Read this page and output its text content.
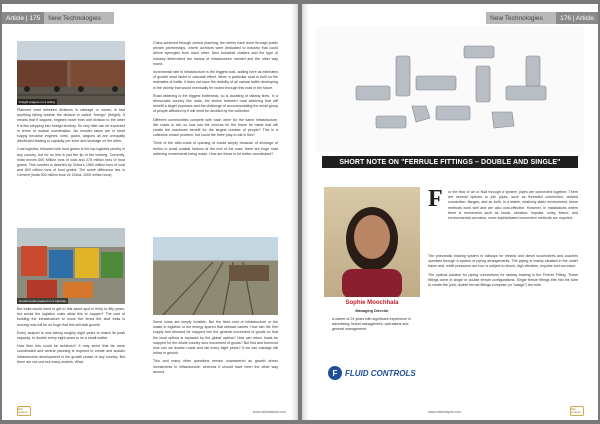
Article | 175	New Technologies
Freight wagons on a siding

Planners exist between divisions in railways or zones, in fact anything falling outside the division is called "foreign" (freight). It means that if wagons, engines move from one division to the other it is like stepping into foreign territory. So very little can be expected in terms of mutual coordination. No wonder rakes are in short supply because engines, crew, guard, wagons all are unequally distributed leading to capacity per zone and shortage on the other.

Coal logistics, followed with food grains is the top logistics priority in any country, but for us this is just the tip of the iceberg. Currently, India moves 600 Million tons of coal and 275 million tons of food grains. This number is dwarfed by China's 1550 million tons of coal and 800 million tons of food grains. The same difference lies in Cement (India 300 million tons Vs China- 2000 million tons).

Goods trucks queued on a highway

But India would need to get to this same spot in thirty to fifty years, but would the logistics costs allow this to happen? The cost of building the infrastructure to move five times the stuff India is moving now will be so huge that this will stall growth.

Every seaport is now taking roughly eight years to match its peak capacity; to double every eight years is no a small matter.

How then this could be achieved? It may seem that far more coordinated and central planning is required to create and sustain infrastructure development in the growth phase of any country. But there are not one but many models. What

China achieved through central planning, the others have done through public private partnerships, where corridors were dedicated to industry that could derive synergies from each other. New industrial clusters and the type of industry determined the means of infrastructure needed and the other way round.

Incremental rate in infrastructure is the biggest cost, adding here as estimates of growth must factor in cascade effect. When a particular road is built on the estimates of traffic, it does not have the visibility of all natural traffic developing in the vicinity that would eventually be routed through this road in the future.

Road widening is the biggest bottleneck, so is doubling of railway lines. In a democratic country like India, the choice between road widening that will benefit a larger populace and the challenge of accommodating the small group of people affected by it will need be decided by the collective.

Different communities compete with each other for the same infrastructure, like roads or rail, so how can the choices for the future be made that will create the maximum benefit for the largest number of people? This is a collective choice problem, but could the three play a role in this?

Think of the after-costs of queuing of trucks simply because of shortage of berths in small coastal harbors at the end of the road: there are huge road widening investments being made. How are these to be better coordinated?

Some costs are simply invisible, like the fixed cost of infrastructure or the waste in logistics or the energy spared that railroad carries. How can the firm supply and demand be mapped into the general movement of goods so that the local optima is replaced by the global optima? How can return loads be mapped for the whole country who movement of goods? But first and foremost how can we double roads and rail every eight years? If we can manage will follow in growth.

This and many other questions remain unanswered as growth drives investments in infrastructure, whereas it should have been the other way around.

Rail Analysis	www.railanalysis.com
New Technologies	176 | Article
SHORT NOTE ON "FERRULE FITTINGS – DOUBLE AND SINGLE"
Sophie Moochhala
Managing Director
A career of 24 years with significant experience in advertising, brand management, operations and general management.
F FLUID CONTROLS
F or the flow of air or fluid through a system, pipes are connected together. There are several options to join pipes, such as threaded connection, welded connection, flanges, and so forth. In a stable, relatively static environment, these methods work well and are also cost-effective. However, in installations where there is momentum such as shock, vibration, impulse, noisy, fixture, and environmental corrosion, more sophisticated connection methods are required.

The pneumatic braking system in railways for electric and diesel locomotives and coaches operates through a system of piping arrangements. The piping is mainly situated in the under frame and, while pressures are low, is subject to shock, high vibration, impulse and corrosion.

The optimal solution for piping connections for railway braking is the Ferrule Fitting. These fittings come in single or double ferrule configurations. Single ferrule fittings bite into the tube to create the joint; double ferrule fittings comprise (or "swage") the tube.

Rail Analysis
www.railanalysis.com
